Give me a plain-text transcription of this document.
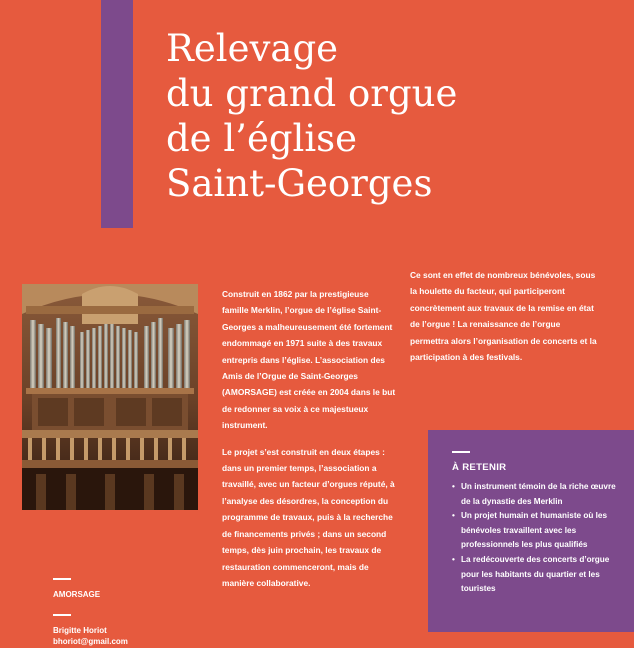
Relevage
du grand orgue
de l’église
Saint-Georges

Construit en 1862 par la prestigieuse famille Merklin, l’orgue de l’église Saint-Georges a malheureusement été fortement endommagé en 1971 suite à des travaux entrepris dans l’église. L’association des Amis de l’Orgue de Saint-Georges (AMORSAGE) est créée en 2004 dans le but de redonner sa voix à ce majestueux instrument.

Le projet s’est construit en deux étapes : dans un premier temps, l’association a travaillé, avec un facteur d’orgues réputé, à l’analyse des désordres, la conception du programme de travaux, puis à la recherche de financements privés ; dans un second temps, dès juin prochain, les travaux de restauration commenceront, mais de manière collaborative.

Ce sont en effet de nombreux bénévoles, sous la houlette du facteur, qui participeront concrètement aux travaux de la remise en état de l’orgue ! La renaissance de l’orgue permettra alors l’organisation de concerts et la participation à des festivals.

AMORSAGE
Brigitte Horiot
bhoriot@gmail.com
À RETENIR
• Un instrument témoin de la riche œuvre de la dynastie des Merklin
• Un projet humain et humaniste où les bénévoles travaillent avec les professionnels les plus qualifiés
• La redécouverte des concerts d’orgue pour les habitants du quartier et les touristes
